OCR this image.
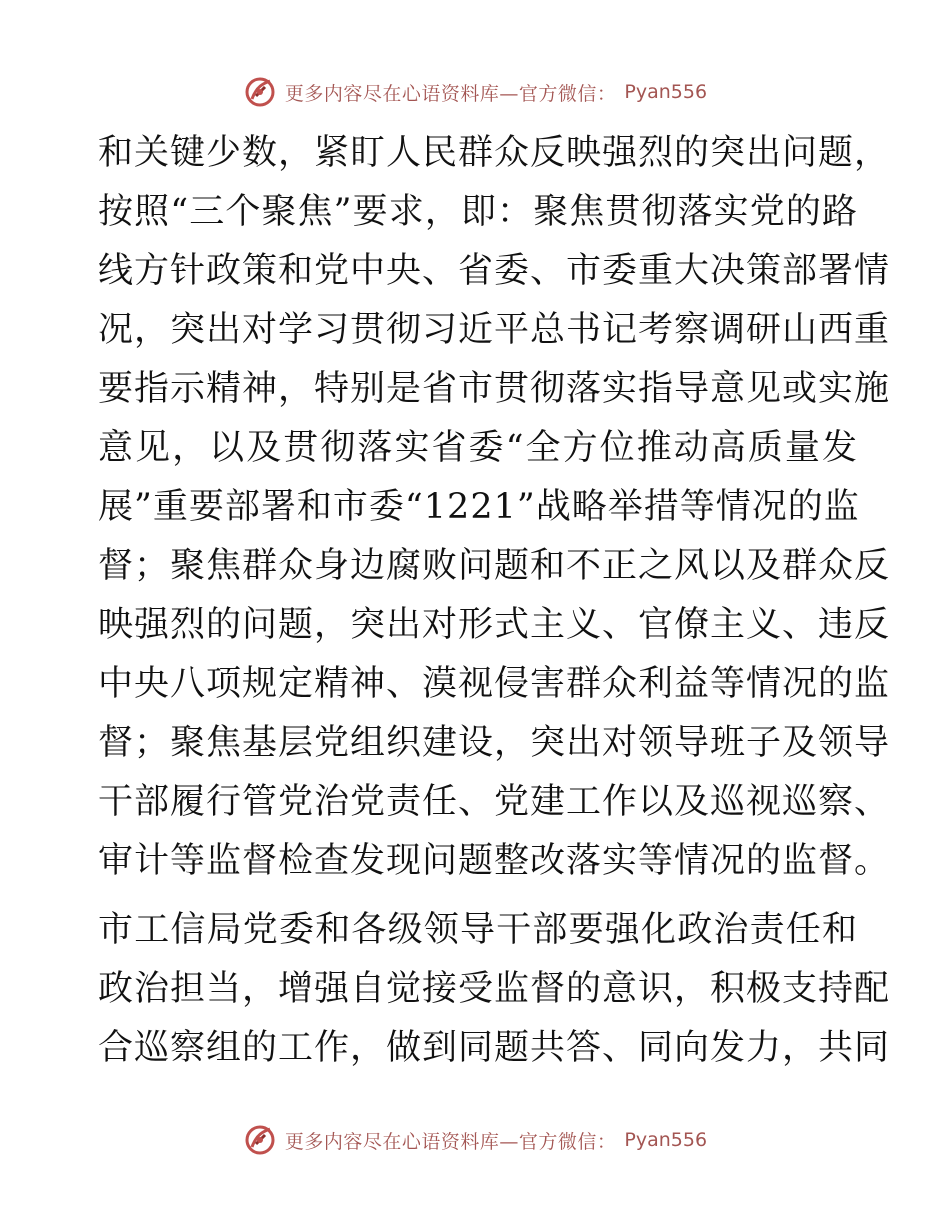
更多内容尽在心语资料库—官方微信： Pyan556
和关键少数，紧盯人民群众反映强烈的突出问题，
按照“三个聚焦”要求，即：聚焦贯彻落实党的路
线方针政策和党中央、省委、市委重大决策部署情
况，突出对学习贯彻习近平总书记考察调研山西重
要指示精神，特别是省市贯彻落实指导意见或实施
意见，以及贯彻落实省委“全方位推动高质量发
展”重要部署和市委“1221”战略举措等情况的监
督；聚焦群众身边腐败问题和不正之风以及群众反
映强烈的问题，突出对形式主义、官僚主义、违反
中央八项规定精神、漠视侵害群众利益等情况的监
督；聚焦基层党组织建设，突出对领导班子及领导
干部履行管党治党责任、党建工作以及巡视巡察、
审计等监督检查发现问题整改落实等情况的监督。
市工信局党委和各级领导干部要强化政治责任和
政治担当，增强自觉接受监督的意识，积极支持配
合巡察组的工作，做到同题共答、同向发力，共同
更多内容尽在心语资料库—官方微信： Pyan556
